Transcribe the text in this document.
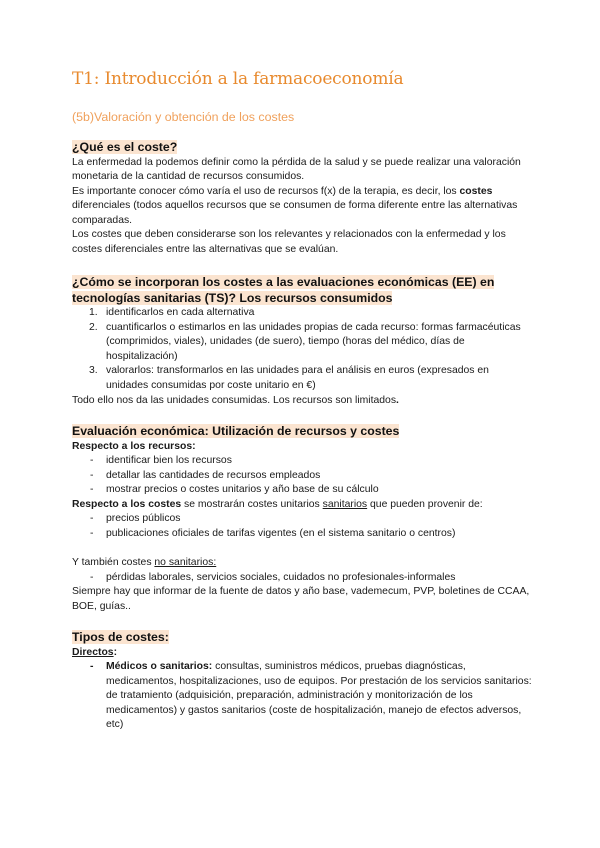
T1: Introducción a la farmacoeconomía
(5b)Valoración y obtención de los costes
¿Qué es el coste?

La enfermedad la podemos definir como la pérdida de la salud y se puede realizar una valoración monetaria de la cantidad de recursos consumidos.

Es importante conocer cómo varía el uso de recursos f(x) de la terapia, es decir, los costes diferenciales (todos aquellos recursos que se consumen de forma diferente entre las alternativas comparadas.

Los costes que deben considerarse son los relevantes y relacionados con la enfermedad y los costes diferenciales entre las alternativas que se evalúan.

¿Cómo se incorporan los costes a las evaluaciones económicas (EE) en tecnologías sanitarias (TS)? Los recursos consumidos
1. identificarlos en cada alternativa
2. cuantificarlos o estimarlos en las unidades propias de cada recurso: formas farmacéuticas (comprimidos, viales), unidades (de suero), tiempo (horas del médico, días de hospitalización)
3. valorarlos: transformarlos en las unidades para el análisis en euros (expresados en unidades consumidas por coste unitario en €)

Todo ello nos da las unidades consumidas. Los recursos son limitados.

Evaluación económica: Utilización de recursos y costes

Respecto a los recursos:

- identificar bien los recursos
- detallar las cantidades de recursos empleados
- mostrar precios o costes unitarios y año base de su cálculo

Respecto a los costes se mostrarán costes unitarios sanitarios que pueden provenir de:

- precios públicos
- publicaciones oficiales de tarifas vigentes (en el sistema sanitario o centros)

Y también costes no sanitarios:

- pérdidas laborales, servicios sociales, cuidados no profesionales-informales

Siempre hay que informar de la fuente de datos y año base, vademecum, PVP, boletines de CCAA, BOE, guías..

Tipos de costes:

Directos:

- Médicos o sanitarios: consultas, suministros médicos, pruebas diagnósticas, medicamentos, hospitalizaciones, uso de equipos. Por prestación de los servicios sanitarios: de tratamiento (adquisición, preparación, administración y monitorización de los medicamentos) y gastos sanitarios (coste de hospitalización, manejo de efectos adversos, etc)
